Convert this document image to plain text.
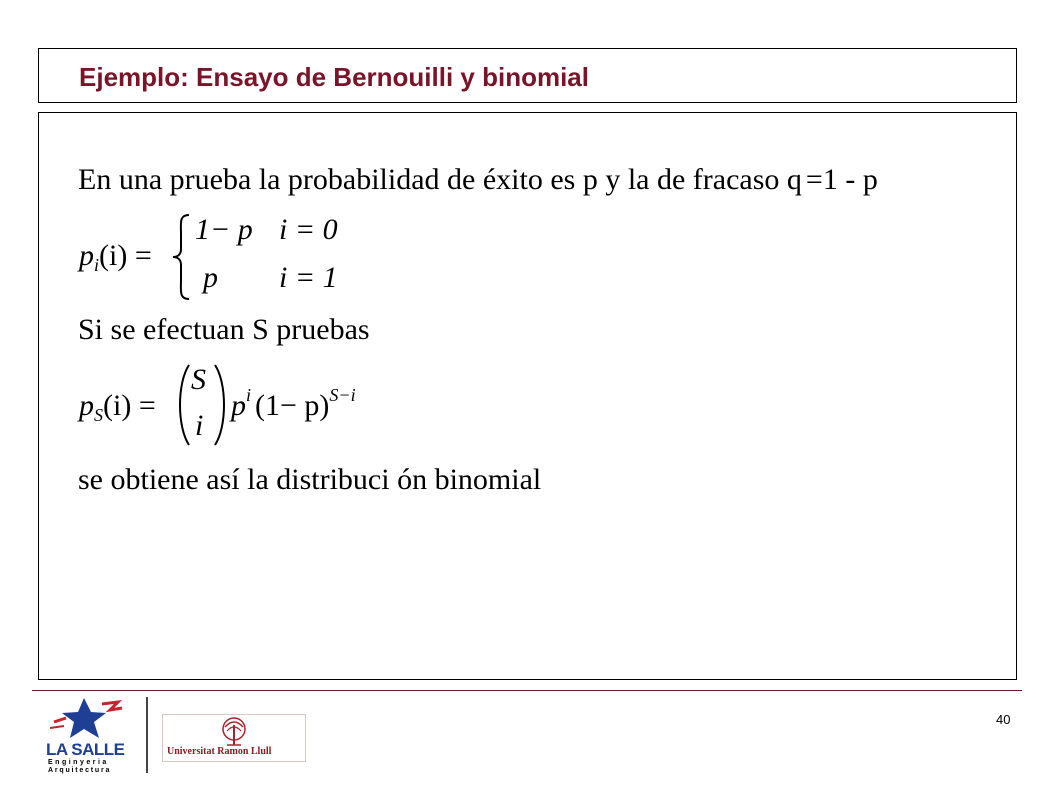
Ejemplo: Ensayo de Bernouilli y binomial
En una prueba la probabilidad de éxito es p y la de fracaso q =1 - p
$p_i(i)$ =
1− p i = 0
p i = 1
Si se efectuan S pruebas
$p_S(i)$ =
S
i
$p^i$ $(1- p)^{S-i}$
se obtiene así la distribuci ón binomial
40
LA SALLE
Enginyeria
Arquitectura
Universitat Ramon Llull
